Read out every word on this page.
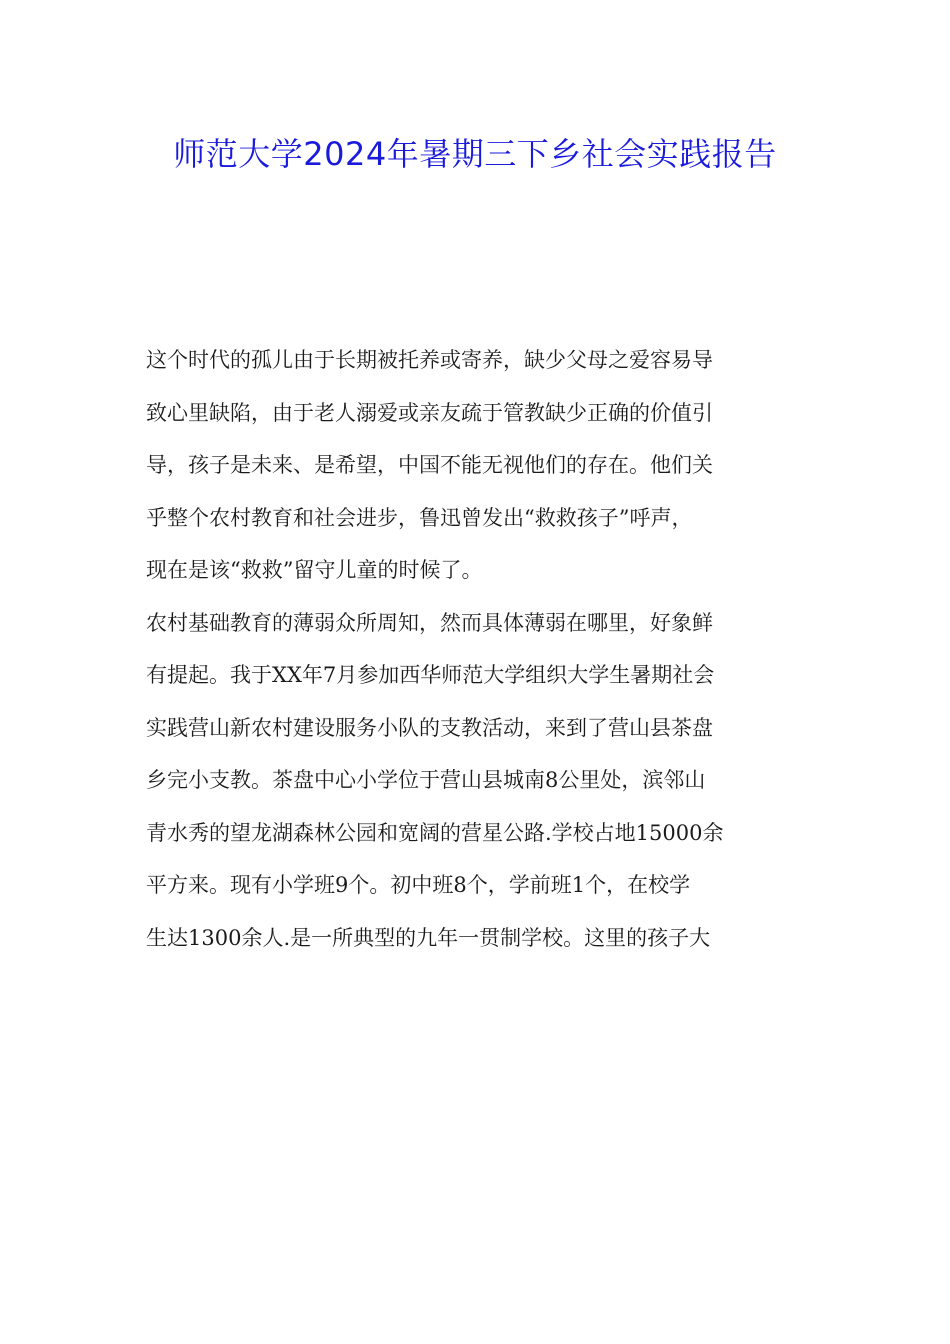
师范大学2024年暑期三下乡社会实践报告
这个时代的孤儿由于长期被托养或寄养，缺少父母之爱容易导
致心里缺陷，由于老人溺爱或亲友疏于管教缺少正确的价值引
导，孩子是未来、是希望，中国不能无视他们的存在。他们关
乎整个农村教育和社会进步，鲁迅曾发出“救救孩子”呼声，
现在是该“救救”留守儿童的时候了。
农村基础教育的薄弱众所周知，然而具体薄弱在哪里，好象鲜
有提起。我于XX年7月参加西华师范大学组织大学生暑期社会
实践营山新农村建设服务小队的支教活动，来到了营山县茶盘
乡完小支教。茶盘中心小学位于营山县城南8公里处，滨邻山
青水秀的望龙湖森林公园和宽阔的营星公路.学校占地15000余
平方来。现有小学班9个。初中班8个，学前班1个，在校学
生达1300余人.是一所典型的九年一贯制学校。这里的孩子大
